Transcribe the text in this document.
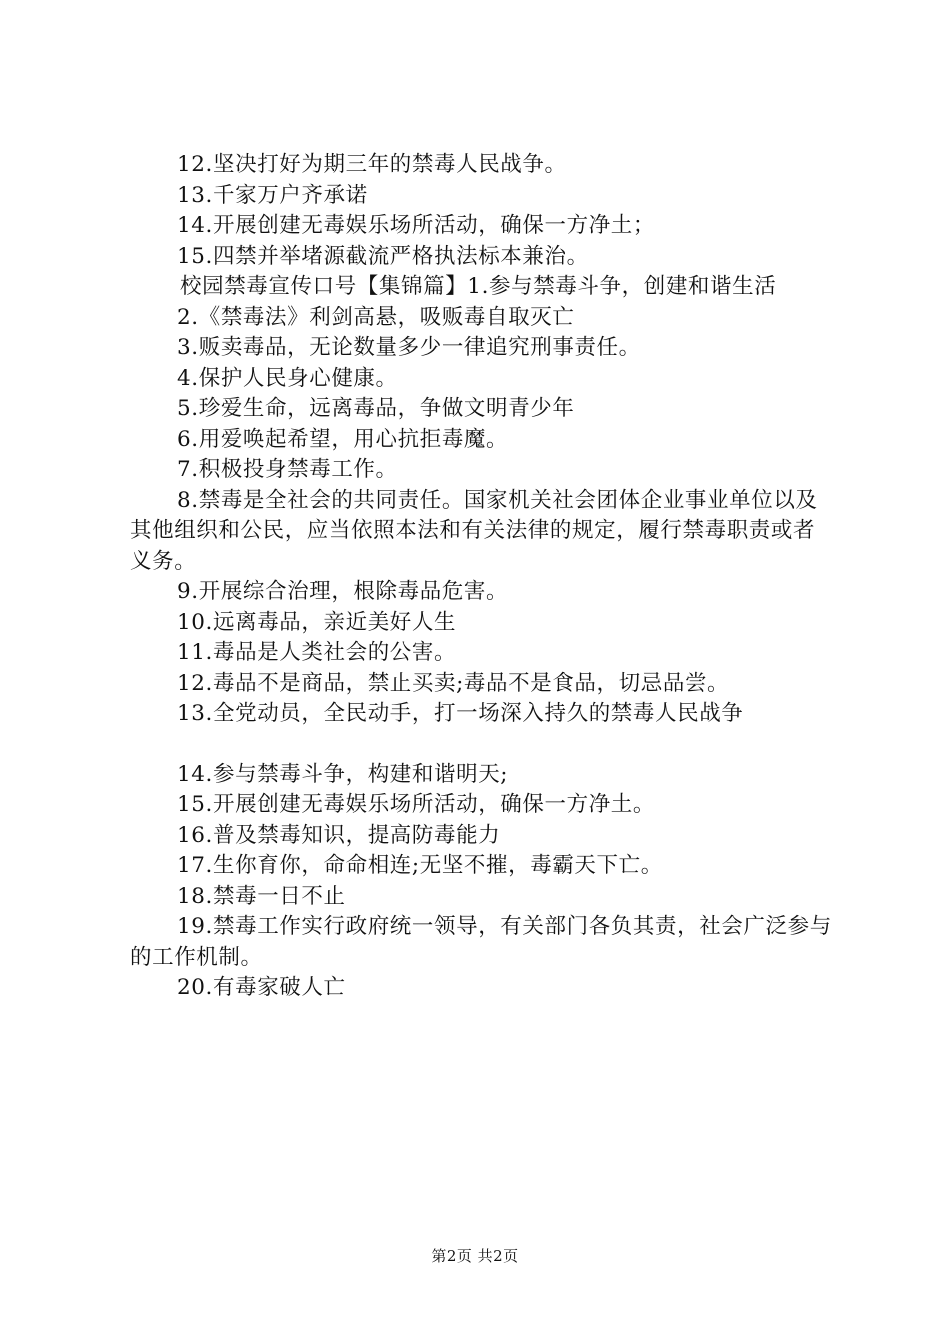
12.坚决打好为期三年的禁毒人民战争。
13.千家万户齐承诺
14.开展创建无毒娱乐场所活动，确保一方净土；
15.四禁并举堵源截流严格执法标本兼治。
校园禁毒宣传口号【集锦篇】1.参与禁毒斗争，创建和谐生活
2.《禁毒法》利剑高悬，吸贩毒自取灭亡
3.贩卖毒品，无论数量多少一律追究刑事责任。
4.保护人民身心健康。
5.珍爱生命，远离毒品，争做文明青少年
6.用爱唤起希望，用心抗拒毒魔。
7.积极投身禁毒工作。
8.禁毒是全社会的共同责任。国家机关社会团体企业事业单位以及其他组织和公民，应当依照本法和有关法律的规定，履行禁毒职责或者义务。
9.开展综合治理，根除毒品危害。
10.远离毒品，亲近美好人生
11.毒品是人类社会的公害。
12.毒品不是商品，禁止买卖;毒品不是食品，切忌品尝。
13.全党动员，全民动手，打一场深入持久的禁毒人民战争
14.参与禁毒斗争，构建和谐明天;
15.开展创建无毒娱乐场所活动，确保一方净土。
16.普及禁毒知识，提高防毒能力
17.生你育你，命命相连;无坚不摧，毒霸天下亡。
18.禁毒一日不止
19.禁毒工作实行政府统一领导，有关部门各负其责，社会广泛参与的工作机制。
20.有毒家破人亡
第2页 共2页
